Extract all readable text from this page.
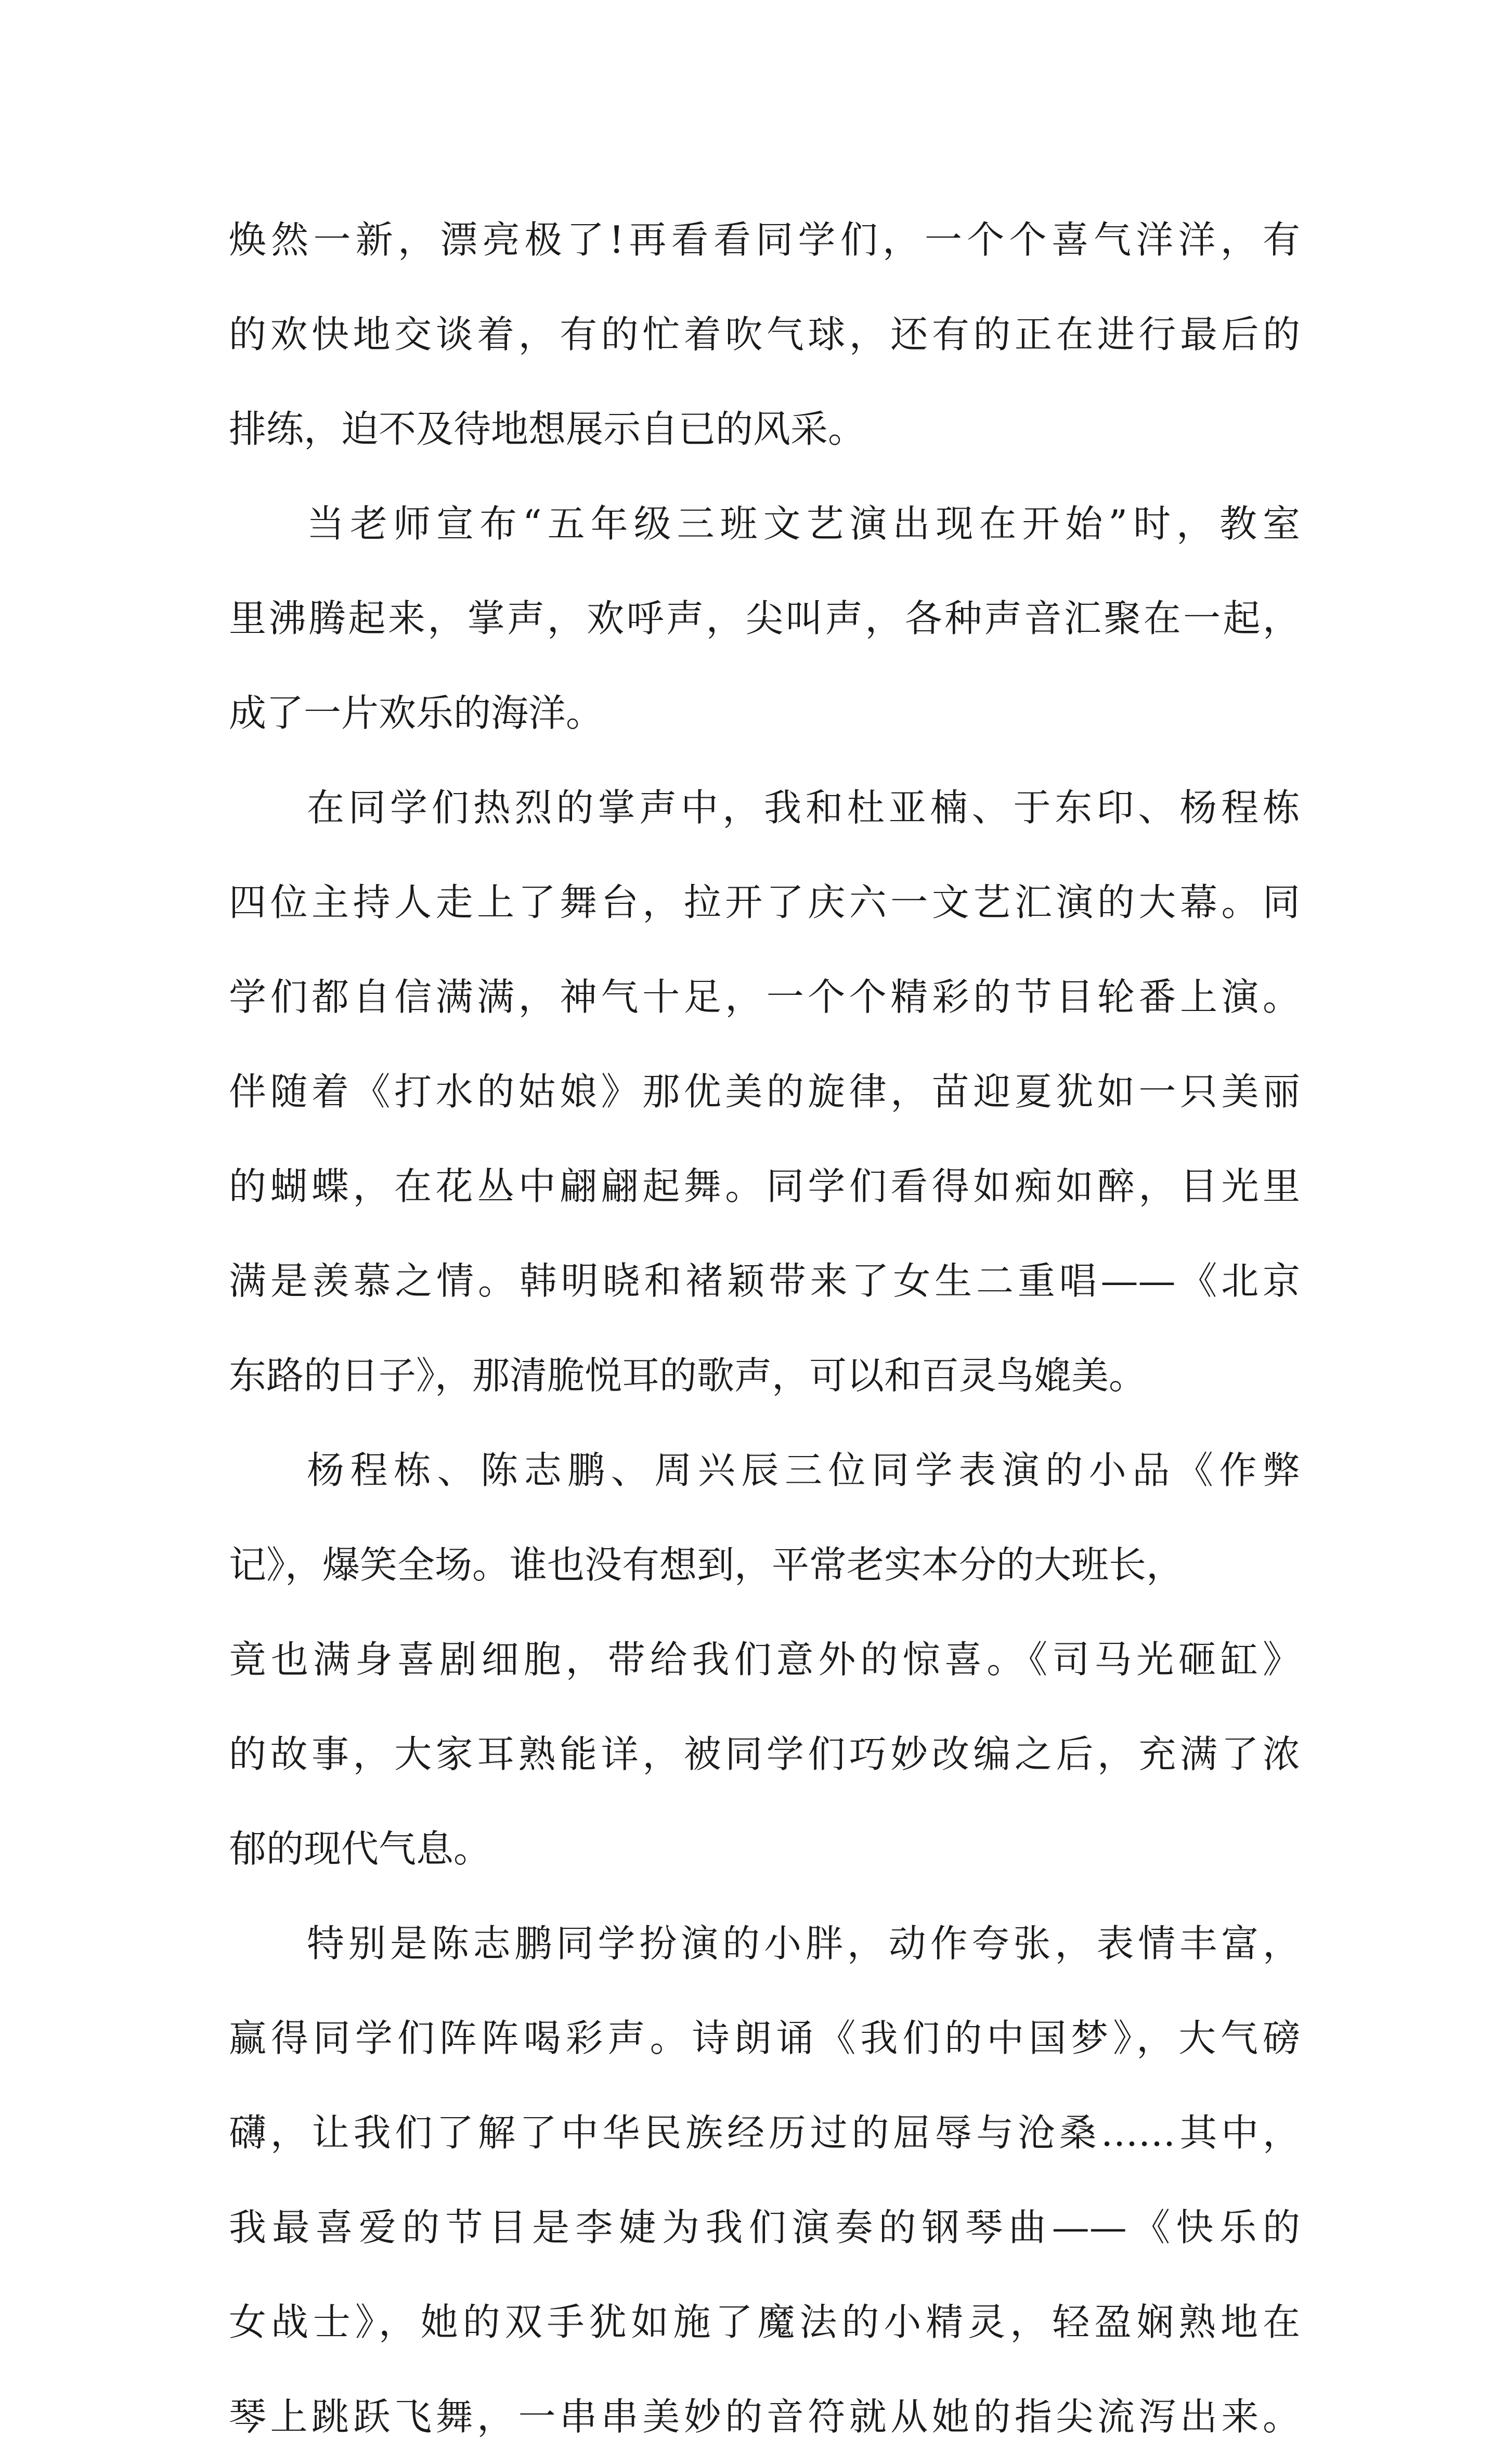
焕然一新，漂亮极了!再看看同学们，一个个喜气洋洋，有
的欢快地交谈着，有的忙着吹气球，还有的正在进行最后的
排练，迫不及待地想展示自已的风采。
当老师宣布“五年级三班文艺演出现在开始”时，教室
里沸腾起来，掌声，欢呼声，尖叫声，各种声音汇聚在一起，
成了一片欢乐的海洋。
在同学们热烈的掌声中，我和杜亚楠、于东印、杨程栋
四位主持人走上了舞台，拉开了庆六一文艺汇演的大幕。同
学们都自信满满，神气十足，一个个精彩的节目轮番上演。
伴随着《打水的姑娘》那优美的旋律，苗迎夏犹如一只美丽
的蝴蝶，在花丛中翩翩起舞。同学们看得如痴如醉，目光里
满是羡慕之情。韩明晓和褚颖带来了女生二重唱——《北京
东路的日子》，那清脆悦耳的歌声，可以和百灵鸟媲美。
杨程栋、陈志鹏、周兴辰三位同学表演的小品《作弊
记》，爆笑全场。谁也没有想到，平常老实本分的大班长，
竟也满身喜剧细胞，带给我们意外的惊喜。《司马光砸缸》
的故事，大家耳熟能详，被同学们巧妙改编之后，充满了浓
郁的现代气息。
特别是陈志鹏同学扮演的小胖，动作夸张，表情丰富，
赢得同学们阵阵喝彩声。诗朗诵《我们的中国梦》，大气磅
礴，让我们了解了中华民族经历过的屈辱与沧桑……其中，
我最喜爱的节目是李婕为我们演奏的钢琴曲——《快乐的
女战士》，她的双手犹如施了魔法的小精灵，轻盈娴熟地在
琴上跳跃飞舞，一串串美妙的音符就从她的指尖流泻出来。
